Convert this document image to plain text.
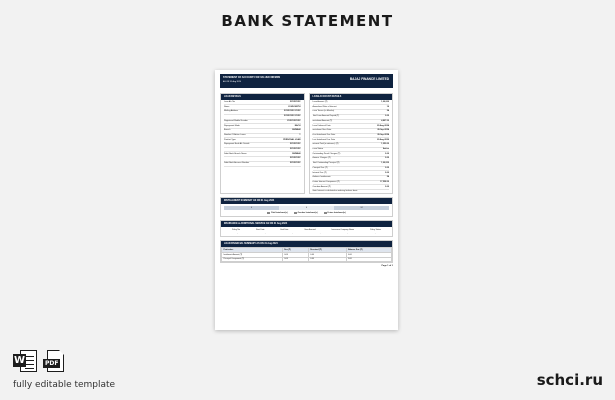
BANK STATEMENT
STATEMENT OF ACCOUNT FOR VALUED MR/MRS
AS ON 31 Aug 2024
BAJAJ FINANCE LIMITED
LOAN DETAILS
Loan A/c No	XXXXXXXX
Name	JOHN SMITH
Mailing Address	XXXXXXXX XXXX
XXXXXXXX XXXX
Registered Mobile Number	XXXXXXXXXX
Repayment Mode	NACH
Branch	MUMBAI
Number Of Active Loans	1
Product Type	PERSONAL LOAN
Repayment Bank A/c Details	XXXXXXXX
XXXXXXXX
Debit Bank Branch Name	MUMBAI
XXXXXXXX
Debit Bank Account Number	XXXXXXXX
LOAN ACCOUNT DETAILS
Loan Amount (₹)	1,00,000
Annualized Rate of Interest	16
Loan Tenure (in Months)	24
Total Loan Amount Repaid (₹)	0.00
Instalment Amount (₹)	4,897.00
Loan Disbursal Date	05-Aug-2024
Instalment Start Date	05-Sep-2024
First Instalment Due Date	05-Sep-2024
Last Instalment Due Date	05-Aug-2026
Interest Paid (in advance) (₹)	1,250.00
Loan Status	Active
Outstanding Penal Charges (₹)	0.00
Bounce Charges (₹)	0.00
Total Outstanding Principal (₹)	1,00,000
Principal Due (₹)	0.00
Interest Due (₹)	0.00
Balance Instalments	24
Future Interest Component (₹)	17,528.00
Overdue Amount (₹)	0.00
Note: Interest is calculated on reducing balance basis
INSTALLMENT SUMMARY AS ON 31 Aug 2024
0	0	24
Paid Instalment(s)	Overdue Instalment(s)	Future Instalment(s)
INSURANCE & ADDITIONAL SERVICE AS ON 31 Aug 2024
Policy No	Start Date	End Date	Sum Assured	Insurance Company Name	Policy Status
-	-	-	-	-	-
LOAN FINANCIAL SUMMARY AS ON 31 Aug 2024
Particulars	Due (₹)	Received (₹)	Balance Due (₹)
Instalment Amount (₹)	0.00	0.00	0.00
Principal Component (₹)	0.00	0.00	0.00
Page 1 of 1
W	PDF
fully editable template	schci.ru
